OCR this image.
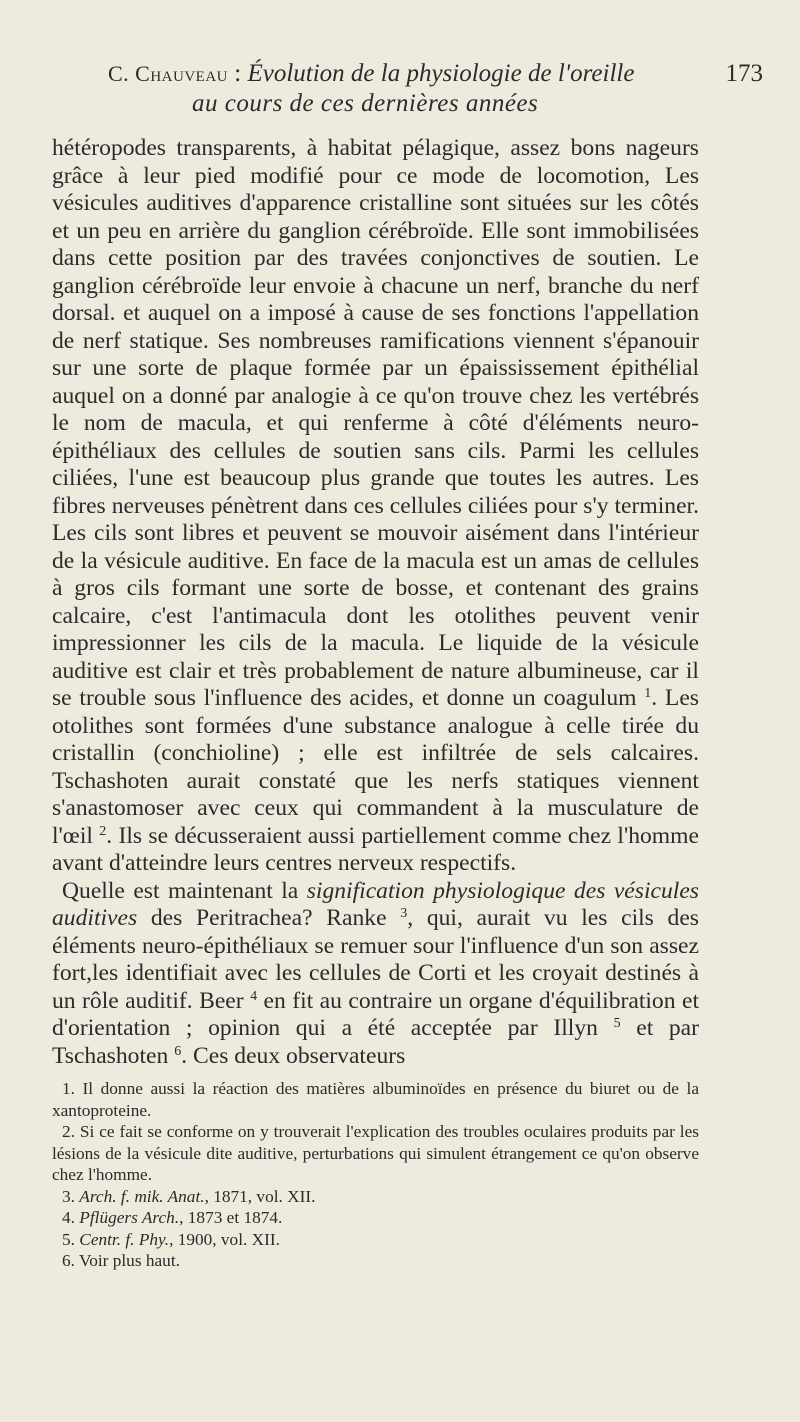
C. Chauveau : Évolution de la physiologie de l'oreille	173
au cours de ces dernières années

hétéropodes transparents, à habitat pélagique, assez bons nageurs grâce à leur pied modifié pour ce mode de locomotion, Les vésicules auditives d'apparence cristalline sont situées sur les côtés et un peu en arrière du ganglion cérébroïde. Elle sont immobilisées dans cette position par des travées conjonctives de soutien. Le ganglion cérébroïde leur envoie à chacune un nerf, branche du nerf dorsal. et auquel on a imposé à cause de ses fonctions l'appellation de nerf statique. Ses nombreuses ramifications viennent s'épanouir sur une sorte de plaque formée par un épaississement épithélial auquel on a donné par analogie à ce qu'on trouve chez les vertébrés le nom de macula, et qui renferme à côté d'éléments neuro-épithéliaux des cellules de soutien sans cils. Parmi les cellules ciliées, l'une est beaucoup plus grande que toutes les autres. Les fibres nerveuses pénètrent dans ces cellules ciliées pour s'y terminer. Les cils sont libres et peuvent se mouvoir aisément dans l'intérieur de la vésicule auditive. En face de la macula est un amas de cellules à gros cils formant une sorte de bosse, et contenant des grains calcaire, c'est l'antimacula dont les otolithes peuvent venir impressionner les cils de la macula. Le liquide de la vésicule auditive est clair et très probablement de nature albumineuse, car il se trouble sous l'influence des acides, et donne un coagulum $^1$. Les otolithes sont formées d'une substance analogue à celle tirée du cristallin (conchioline) ; elle est infiltrée de sels calcaires. Tschashoten aurait constaté que les nerfs statiques viennent s'anastomoser avec ceux qui commandent à la musculature de l'œil $^2$. Ils se décusseraient aussi partiellement comme chez l'homme avant d'atteindre leurs centres nerveux respectifs.

Quelle est maintenant la signification physiologique des vésicules auditives des Peritrachea? Ranke $^3$, qui, aurait vu les cils des éléments neuro-épithéliaux se remuer sour l'influence d'un son assez fort,les identifiait avec les cellules de Corti et les croyait destinés à un rôle auditif. Beer $^4$ en fit au contraire un organe d'équilibration et d'orientation ; opinion qui a été acceptée par Illyn $^5$ et par Tschashoten $^6$. Ces deux observateurs

1. Il donne aussi la réaction des matières albuminoïdes en présence du biuret ou de la xantoproteine.

2. Si ce fait se conforme on y trouverait l'explication des troubles oculaires produits par les lésions de la vésicule dite auditive, perturbations qui simulent étrangement ce qu'on observe chez l'homme.

3. Arch. f. mik. Anat., 1871, vol. XII.

4. Pflügers Arch., 1873 et 1874.

5. Centr. f. Phy., 1900, vol. XII.

6. Voir plus haut.
